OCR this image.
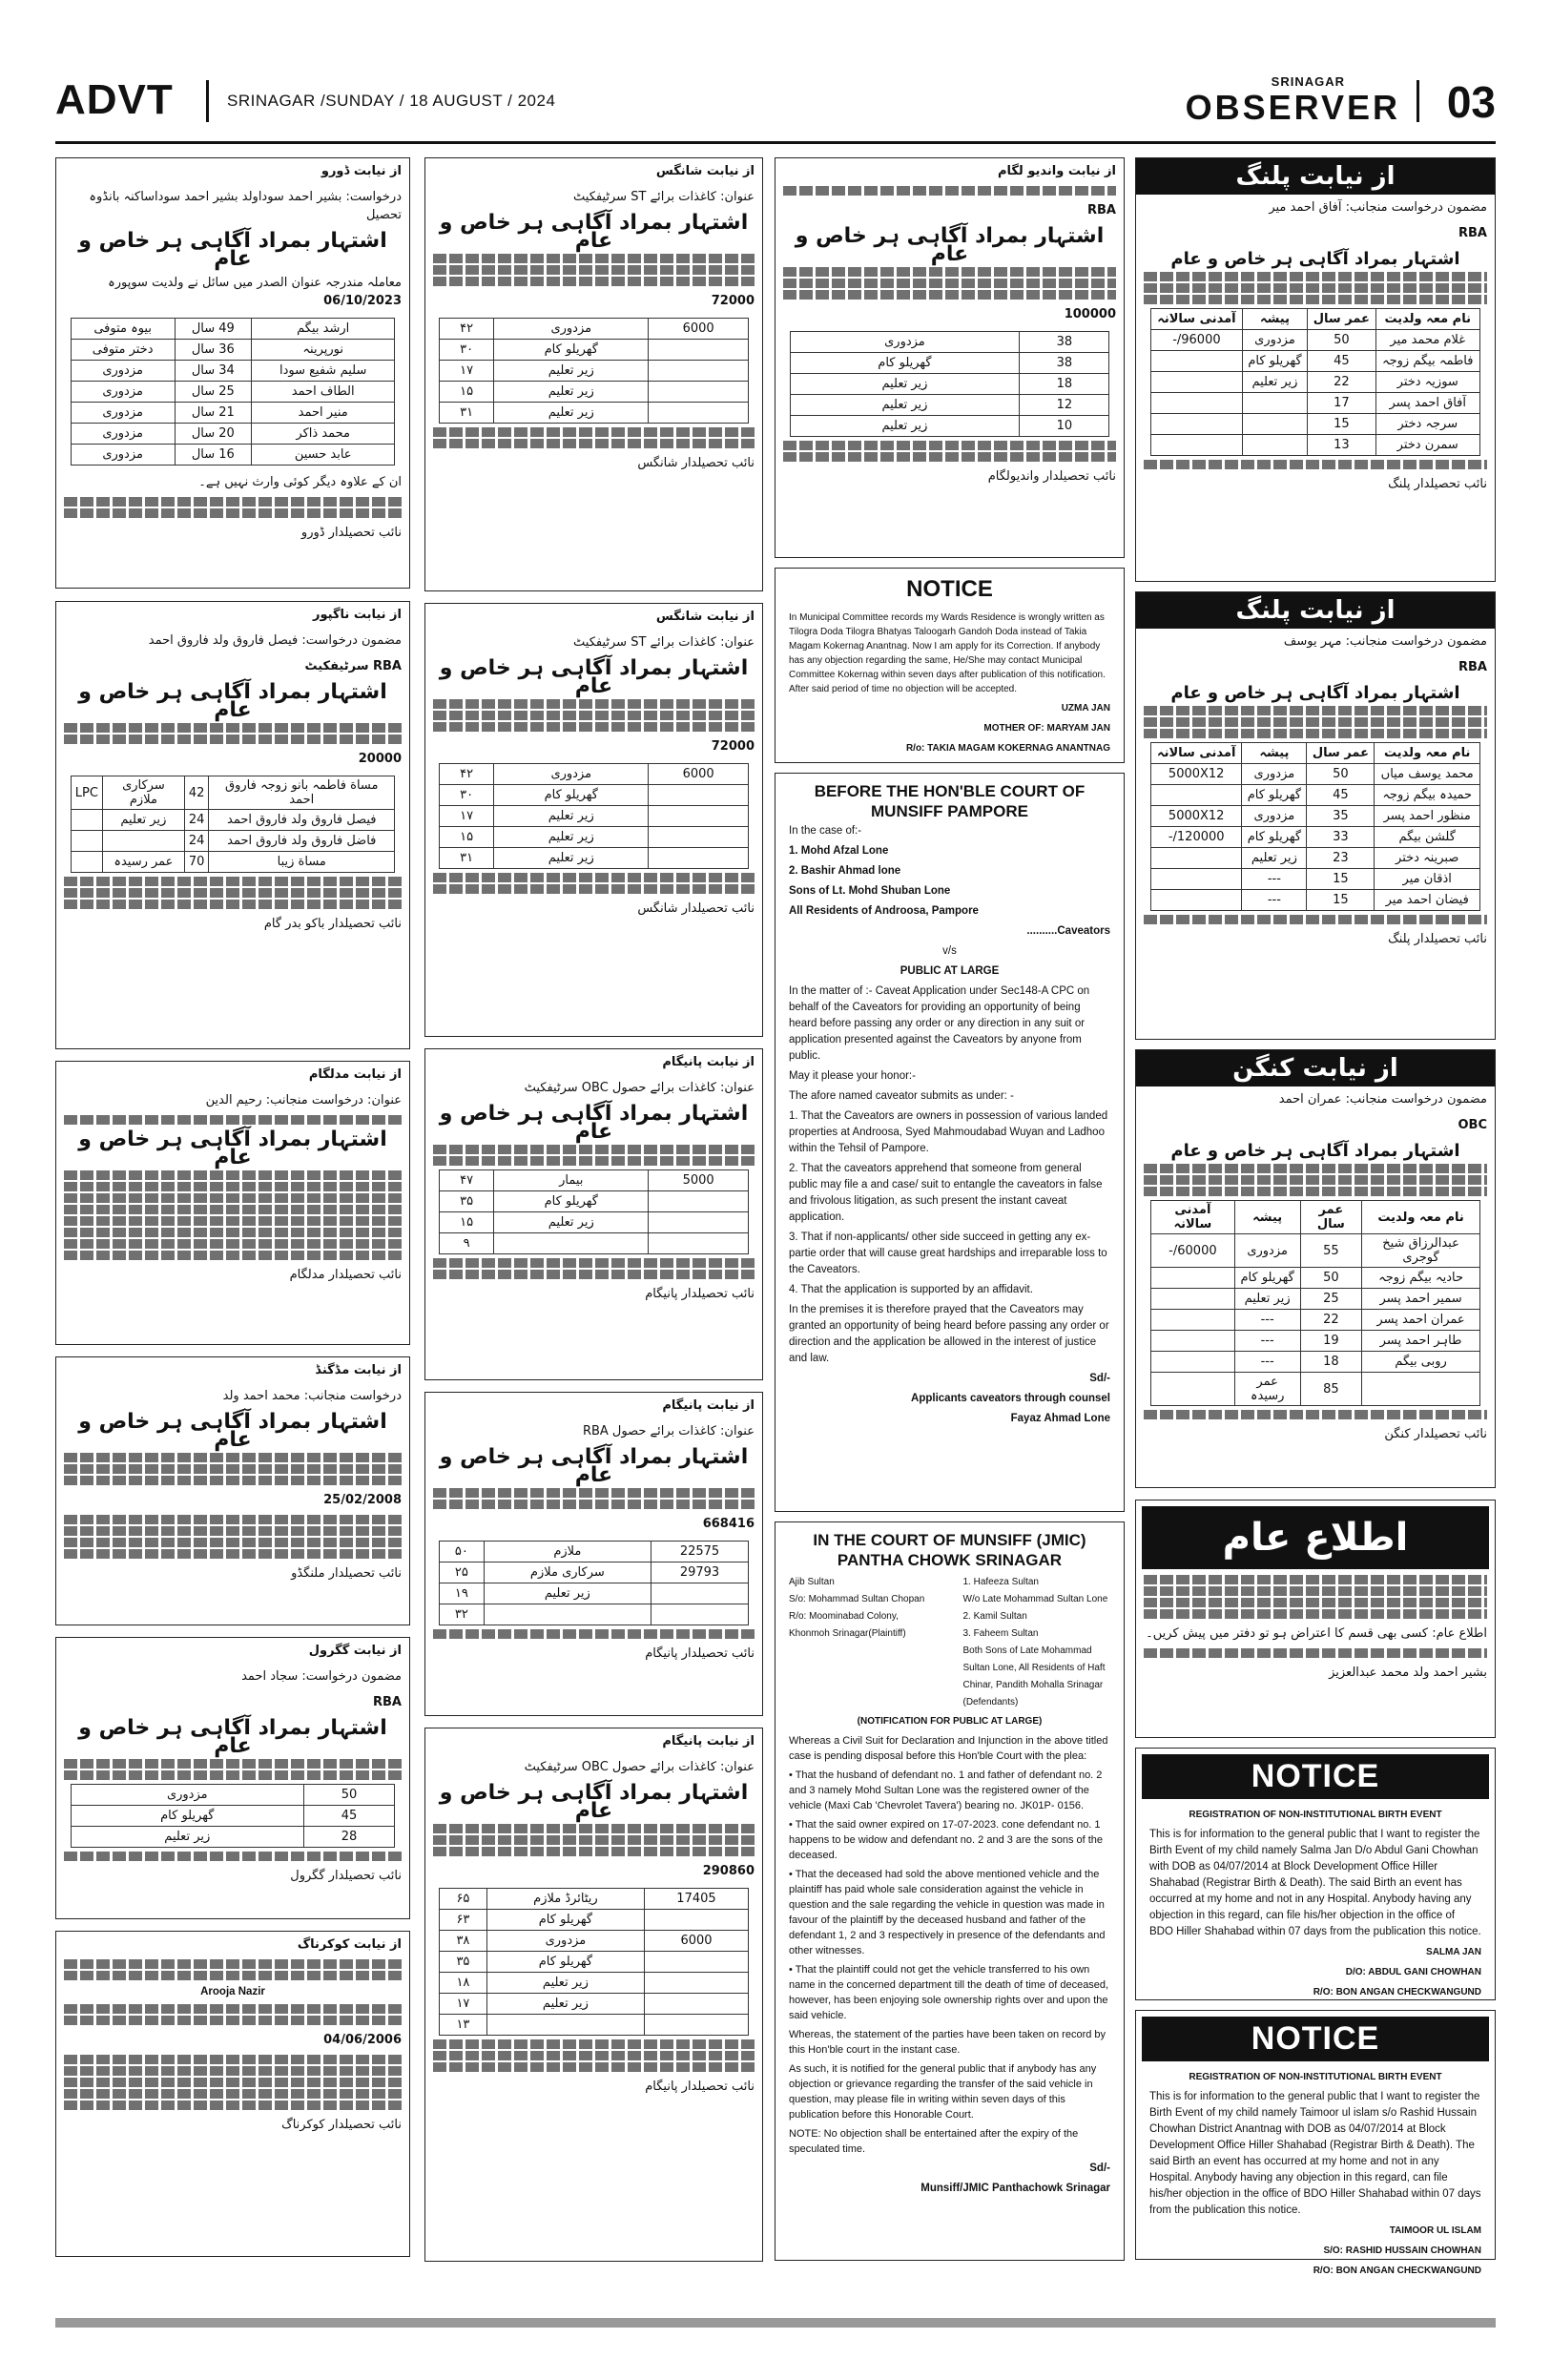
ADVT	SRINAGAR /SUNDAY / 18 AUGUST / 2024
SRINAGAR
OBSERVER 03
از نیابت ڈورو
درخواست: بشیر احمد سوداولد بشیر احمد سوداساکنہ بانڈوہ تحصیل
اشتہار بمراد آگاہی ہر خاص و عام
معاملہ مندرجہ عنوان الصدر میں سائل نے ولدیت سوپورہ 06/10/2023
ارشد بیگم	49 سال	بیوہ متوفی
نورپرینہ	36 سال	دختر متوفی
سلیم شفیع سودا	34 سال	مزدوری
الطاف احمد	25 سال	مزدوری
منیر احمد	21 سال	مزدوری
محمد ذاکر	20 سال	مزدوری
عابد حسین	16 سال	مزدوری
ان کے علاوہ دیگر کوئی وارث نہیں ہے۔
نائب تحصیلدار ڈورو
از نیابت ناگپور
مضمون درخواست: فیصل فاروق ولد فاروق احمد
RBA سرٹیفکیٹ
اشتہار بمراد آگاہی ہر خاص و عام
20000
مساة فاطمہ بانو زوجہ فاروق احمد	42	سرکاری ملازم	LPC
فیصل فاروق ولد فاروق احمد	24	زیر تعلیم	
فاضل فاروق ولد فاروق احمد	24		
مساة زیبا	70	عمر رسیدہ	
نائب تحصیلدار باکو بدر گام
از نیابت مدلگام
عنوان: درخواست منجانب: رحیم الدین
اشتہار بمراد آگاہی ہر خاص و عام
نائب تحصیلدار مدلگام
از نیابت مڈگنڈ
درخواست منجانب: محمد احمد ولد
اشتہار بمراد آگاہی ہر خاص و عام
25/02/2008
نائب تحصیلدار ملنگڈو
از نیابت گگرول
مضمون درخواست: سجاد احمد
RBA
اشتہار بمراد آگاہی ہر خاص و عام
50	مزدوری
45	گھریلو کام
28	زیر تعلیم
نائب تحصیلدار گگرول
از نیابت کوکرناگ
Arooja Nazir
04/06/2006
نائب تحصیلدار کوکرناگ
از نیابت شانگس
عنوان: کاغذات برائے ST سرٹیفکیٹ
اشتہار بمراد آگاہی ہر خاص و عام
72000
6000	مزدوری	۴۲
	گھریلو کام	۳۰
	زیر تعلیم	۱۷
	زیر تعلیم	۱۵
	زیر تعلیم	۳۱
نائب تحصیلدار شانگس
از نیابت شانگس
عنوان: کاغذات برائے ST سرٹیفکیٹ
اشتہار بمراد آگاہی ہر خاص و عام
72000
6000	مزدوری	۴۲
	گھریلو کام	۳۰
	زیر تعلیم	۱۷
	زیر تعلیم	۱۵
	زیر تعلیم	۳۱
نائب تحصیلدار شانگس
از نیابت پانیگام
عنوان: کاغذات برائے حصول OBC سرٹیفکیٹ
اشتہار بمراد آگاہی ہر خاص و عام
5000	بیمار	۴۷
	گھریلو کام	۳۵
	زیر تعلیم	۱۵
		۹
نائب تحصیلدار پانیگام
از نیابت پانیگام
عنوان: کاغذات برائے حصول RBA
اشتہار بمراد آگاہی ہر خاص و عام
668416
22575	ملازم	۵۰
29793	سرکاری ملازم	۲۵
	زیر تعلیم	۱۹
		۳۲
نائب تحصیلدار پانیگام
از نیابت پانیگام
عنوان: کاغذات برائے حصول OBC سرٹیفکیٹ
اشتہار بمراد آگاہی ہر خاص و عام
290860
17405	ریٹائرڈ ملازم	۶۵
	گھریلو کام	۶۳
6000	مزدوری	۳۸
	گھریلو کام	۳۵
	زیر تعلیم	۱۸
	زیر تعلیم	۱۷
		۱۳
نائب تحصیلدار پانیگام
از نیابت واندیو لگام
RBA
اشتہار بمراد آگاہی ہر خاص و عام
100000
38	مزدوری
38	گھریلو کام
18	زیر تعلیم
12	زیر تعلیم
10	زیر تعلیم
نائب تحصیلدار واندیولگام
NOTICE
In Municipal Committee records my Wards Residence is wrongly written as Tilogra Doda Tilogra Bhatyas Taloogarh Gandoh Doda instead of Takia Magam Kokernag Anantnag. Now I am apply for its Correction. If anybody has any objection regarding the same, He/She may contact Municipal Committee Kokernag within seven days after publication of this notification. After said period of time no objection will be accepted.
UZMA JAN
MOTHER OF: MARYAM JAN
R/o: TAKIA MAGAM KOKERNAG ANANTNAG
BEFORE THE HON'BLE COURT OF
MUNSIFF PAMPORE
In the case of:-
1. Mohd Afzal Lone
2. Bashir Ahmad lone
Sons of Lt. Mohd Shuban Lone
All Residents of Androosa, Pampore
..........Caveators
v/s
PUBLIC AT LARGE
In the matter of :- Caveat Application under Sec148-A CPC on behalf of the Caveators for providing an opportunity of being heard before passing any order or any direction in any suit or application presented against the Caveators by anyone from public.
May it please your honor:-
The afore named caveator submits as under: -
1. That the Caveators are owners in possession of various landed properties at Androosa, Syed Mahmoudabad Wuyan and Ladhoo within the Tehsil of Pampore.
2. That the caveators apprehend that someone from general public may file a and case/ suit to entangle the caveators in false and frivolous litigation, as such present the instant caveat application.
3. That if non-applicants/ other side succeed in getting any ex-partie order that will cause great hardships and irreparable loss to the Caveators.
4. That the application is supported by an affidavit.
In the premises it is therefore prayed that the Caveators may granted an opportunity of being heard before passing any order or direction and the application be allowed in the interest of justice and law.
Sd/-
Applicants caveators through counsel
Fayaz Ahmad Lone
IN THE COURT OF MUNSIFF (JMIC)
PANTHA CHOWK SRINAGAR
Ajib Sultan
S/o: Mohammad Sultan Chopan
R/o: Moominabad Colony,
Khonmoh Srinagar(Plaintiff)
1. Hafeeza Sultan
W/o Late Mohammad Sultan Lone
2. Kamil Sultan
3. Faheem Sultan
Both Sons of Late Mohammad
Sultan Lone, All Residents of Haft
Chinar, Pandith Mohalla Srinagar
(Defendants)
(NOTIFICATION FOR PUBLIC AT LARGE)
Whereas a Civil Suit for Declaration and Injunction in the above titled case is pending disposal before this Hon'ble Court with the plea:
• That the husband of defendant no. 1 and father of defendant no. 2 and 3 namely Mohd Sultan Lone was the registered owner of the vehicle (Maxi Cab 'Chevrolet Tavera') bearing no. JK01P- 0156.
• That the said owner expired on 17-07-2023. cone defendant no. 1 happens to be widow and defendant no. 2 and 3 are the sons of the deceased.
• That the deceased had sold the above mentioned vehicle and the plaintiff has paid whole sale consideration against the vehicle in question and the sale regarding the vehicle in question was made in favour of the plaintiff by the deceased husband and father of the defendant 1, 2 and 3 respectively in presence of the defendants and other witnesses.
• That the plaintiff could not get the vehicle transferred to his own name in the concerned department till the death of time of deceased, however, has been enjoying sole ownership rights over and upon the said vehicle.
Whereas, the statement of the parties have been taken on record by this Hon'ble court in the instant case.
As such, it is notified for the general public that if anybody has any objection or grievance regarding the transfer of the said vehicle in question, may please file in writing within seven days of this publication before this Honorable Court.
NOTE: No objection shall be entertained after the expiry of the speculated time.
Sd/-
Munsiff/JMIC Panthachowk Srinagar
از نیابت پلنگ
مضمون درخواست منجانب: آفاق احمد میر
RBA
اشتہار بمراد آگاہی ہر خاص و عام
نام معہ ولدیت	عمر سال	پیشہ	آمدنی سالانہ
غلام محمد میر	50	مزدوری	96000/-
فاطمہ بیگم زوجہ	45	گھریلو کام	
سوزیہ دختر	22	زیر تعلیم	
آفاق احمد پسر	17		
سرجہ دختر	15		
سمرن دختر	13		
نائب تحصیلدار پلنگ
از نیابت پلنگ
مضمون درخواست منجانب: مہر یوسف
RBA
اشتہار بمراد آگاہی ہر خاص و عام
نام معہ ولدیت	عمر سال	پیشہ	آمدنی سالانہ
محمد یوسف میاں	50	مزدوری	5000X12
حمیدہ بیگم زوجہ	45	گھریلو کام	
منظور احمد پسر	35	مزدوری	5000X12
گلشن بیگم	33	گھریلو کام	120000/-
صبرینہ دختر	23	زیر تعلیم	
اذقان میر	15	---	
فیضان احمد میر	15	---	
نائب تحصیلدار پلنگ
از نیابت کنگن
مضمون درخواست منجانب: عمران احمد
OBC
اشتہار بمراد آگاہی ہر خاص و عام
نام معہ ولدیت	عمر سال	پیشہ	آمدنی سالانہ
عبدالرزاق شیخ گوجری	55	مزدوری	60000/-
حادیہ بیگم زوجہ	50	گھریلو کام	
سمیر احمد پسر	25	زیر تعلیم	
عمران احمد پسر	22	---	
طاہر احمد پسر	19	---	
روبی بیگم	18	---	
	85	عمر رسیدہ	
نائب تحصیلدار کنگن
اطلاع عام
اطلاع عام: کسی بھی قسم کا اعتراض ہو تو دفتر میں پیش کریں۔
بشیر احمد ولد محمد عبدالعزیز
NOTICE
REGISTRATION OF NON-INSTITUTIONAL BIRTH EVENT
This is for information to the general public that I want to register the Birth Event of my child namely Salma Jan D/o Abdul Gani Chowhan with DOB as 04/07/2014 at Block Development Office Hiller Shahabad (Registrar Birth & Death). The said Birth an event has occurred at my home and not in any Hospital. Anybody having any objection in this regard, can file his/her objection in the office of BDO Hiller Shahabad within 07 days from the publication this notice.
SALMA JAN
D/O: ABDUL GANI CHOWHAN
R/O: BON ANGAN CHECKWANGUND
NOTICE
REGISTRATION OF NON-INSTITUTIONAL BIRTH EVENT
This is for information to the general public that I want to register the Birth Event of my child namely Taimoor ul islam s/o Rashid Hussain Chowhan District Anantnag with DOB as 04/07/2014 at Block Development Office Hiller Shahabad (Registrar Birth & Death). The said Birth an event has occurred at my home and not in any Hospital. Anybody having any objection in this regard, can file his/her objection in the office of BDO Hiller Shahabad within 07 days from the publication this notice.
TAIMOOR UL ISLAM
S/O: RASHID HUSSAIN CHOWHAN
R/O: BON ANGAN CHECKWANGUND
